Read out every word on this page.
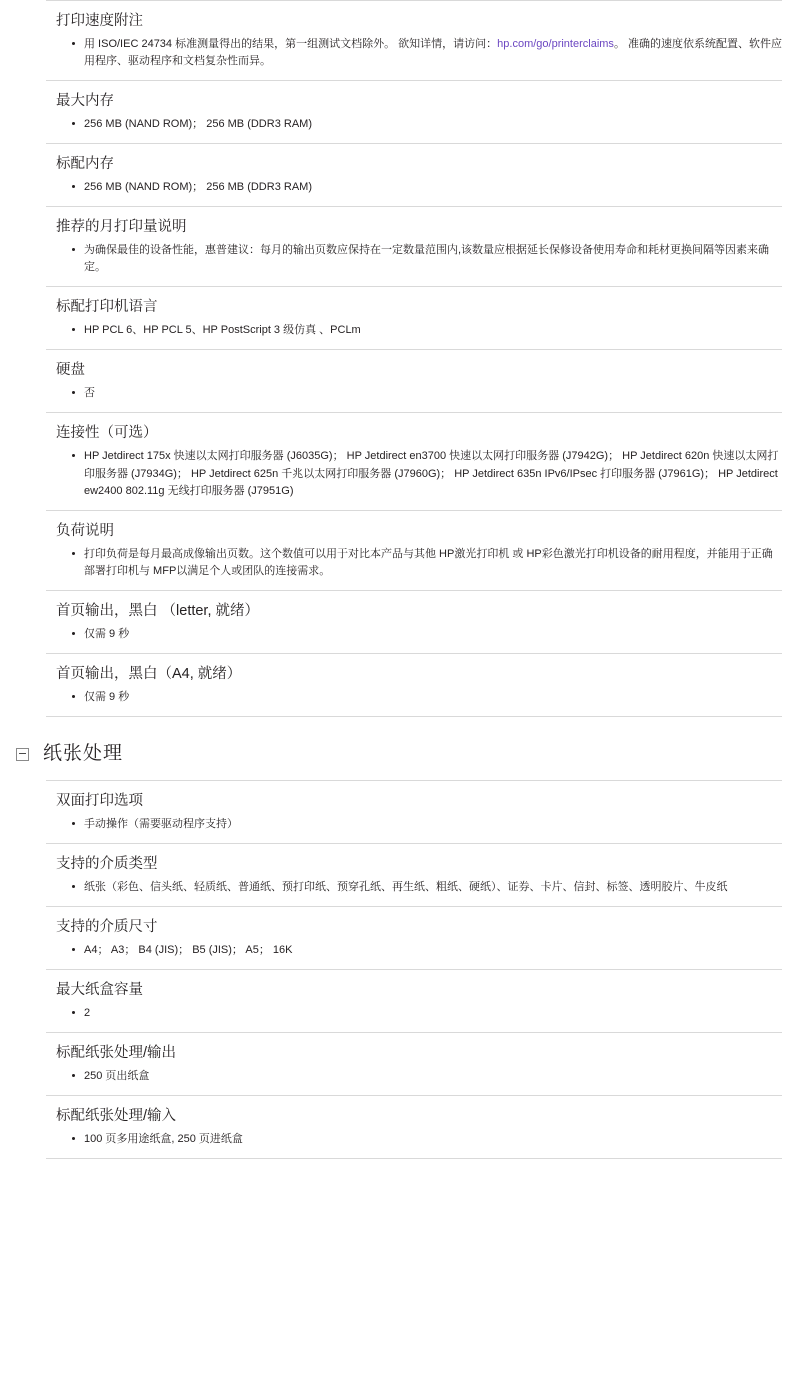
打印速度附注
用 ISO/IEC 24734 标准测量得出的结果，第一组测试文档除外。 欲知详情，请访问：hp.com/go/printerclaims。 准确的速度依系统配置、软件应用程序、驱动程序和文档复杂性而异。
最大内存
256 MB (NAND ROM)； 256 MB (DDR3 RAM)
标配内存
256 MB (NAND ROM)； 256 MB (DDR3 RAM)
推荐的月打印量说明
为确保最佳的设备性能，惠普建议：每月的输出页数应保持在一定数量范围内,该数量应根据延长保修设备使用寿命和耗材更换间隔等因素来确定。
标配打印机语言
HP PCL 6、HP PCL 5、HP PostScript 3 级仿真 、PCLm
硬盘
否
连接性（可选）
HP Jetdirect 175x 快速以太网打印服务器 (J6035G)； HP Jetdirect en3700 快速以太网打印服务器 (J7942G)； HP Jetdirect 620n 快速以太网打印服务器 (J7934G)； HP Jetdirect 625n 千兆以太网打印服务器 (J7960G)； HP Jetdirect 635n IPv6/IPsec 打印服务器 (J7961G)； HP Jetdirect ew2400 802.11g 无线打印服务器 (J7951G)
负荷说明
打印负荷是每月最高成像输出页数。这个数值可以用于对比本产品与其他 HP激光打印机 或 HP彩色激光打印机设备的耐用程度，并能用于正确部署打印机与 MFP以满足个人或团队的连接需求。
首页输出，黑白 （letter, 就绪）
仅需 9 秒
首页输出，黑白（A4, 就绪）
仅需 9 秒
纸张处理
双面打印选项
手动操作（需要驱动程序支持）
支持的介质类型
纸张（彩色、信头纸、轻质纸、普通纸、预打印纸、预穿孔纸、再生纸、粗纸、硬纸）、证券、卡片、信封、标签、透明胶片、牛皮纸
支持的介质尺寸
A4； A3； B4 (JIS)； B5 (JIS)； A5； 16K
最大纸盒容量
2
标配纸张处理/输出
250 页出纸盒
标配纸张处理/输入
100 页多用途纸盒, 250 页进纸盒
